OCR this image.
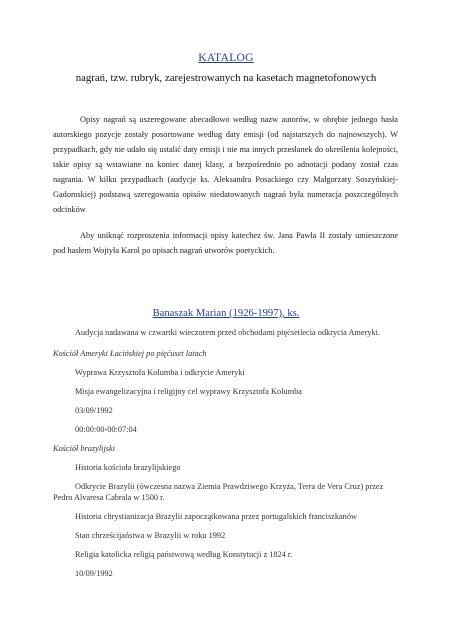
KATALOG
nagrań, tzw. rubryk, zarejestrowanych na kasetach magnetofonowych

Opisy nagrań są uszeregowane abecadłowo według nazw autorów, w obrębie jednego hasła autorskiego pozycje zostały posortowane według daty emisji (od najstarszych do najnowszych). W przypadkach, gdy nie udało się ustalić daty emisji i nie ma innych przesłanek do określenia kolejności, takie opisy są wstawiane na koniec danej klasy, a bezpośrednio po adnotacji podany został czas nagrania. W kilku przypadkach (audycje ks. Aleksandra Posackiego czy Małgorzaty Soszyńskiej-Gadomskiej) podstawą szeregowania opisów niedatowanych nagrań była numeracja poszczególnych odcinków

Aby uniknąć rozproszenia informacji opisy katechez św. Jana Pawła II zostały umieszczone pod hasłem Wojtyła Karol po opisach nagrań utworów poetyckich.

Banaszak Marian (1926-1997), ks.
Audycja nadawana w czwartki wieczorem przed obchodami pięćsetlecia odkrycia Ameryki.
Kościół Ameryki Łacińskiej po pięćuset latach
Wyprawa Krzysztofa Kolumba i odkrycie Ameryki
Misja ewangelizacyjna i religijny cel wyprawy Krzysztofa Kolumba
03/09/1992
00:00:00-00:07:04
Kościół brazylijski
Historia kościoła brazylijskiego
Odkrycie Brazylii (ówczesna nazwa Ziemia Prawdziwego Krzyża, Terra de Vera Cruz) przez Pedro Alvaresa Cabrala w 1500 r.
Historia chrystianizacja Brazylii zapoczątkowana przez portugalskich franciszkanów
Stan chrześcijaństwa w Brazylii w roku 1992
Religia katolicka religią państwową według Konstytucji z 1824 r.
10/09/1992
